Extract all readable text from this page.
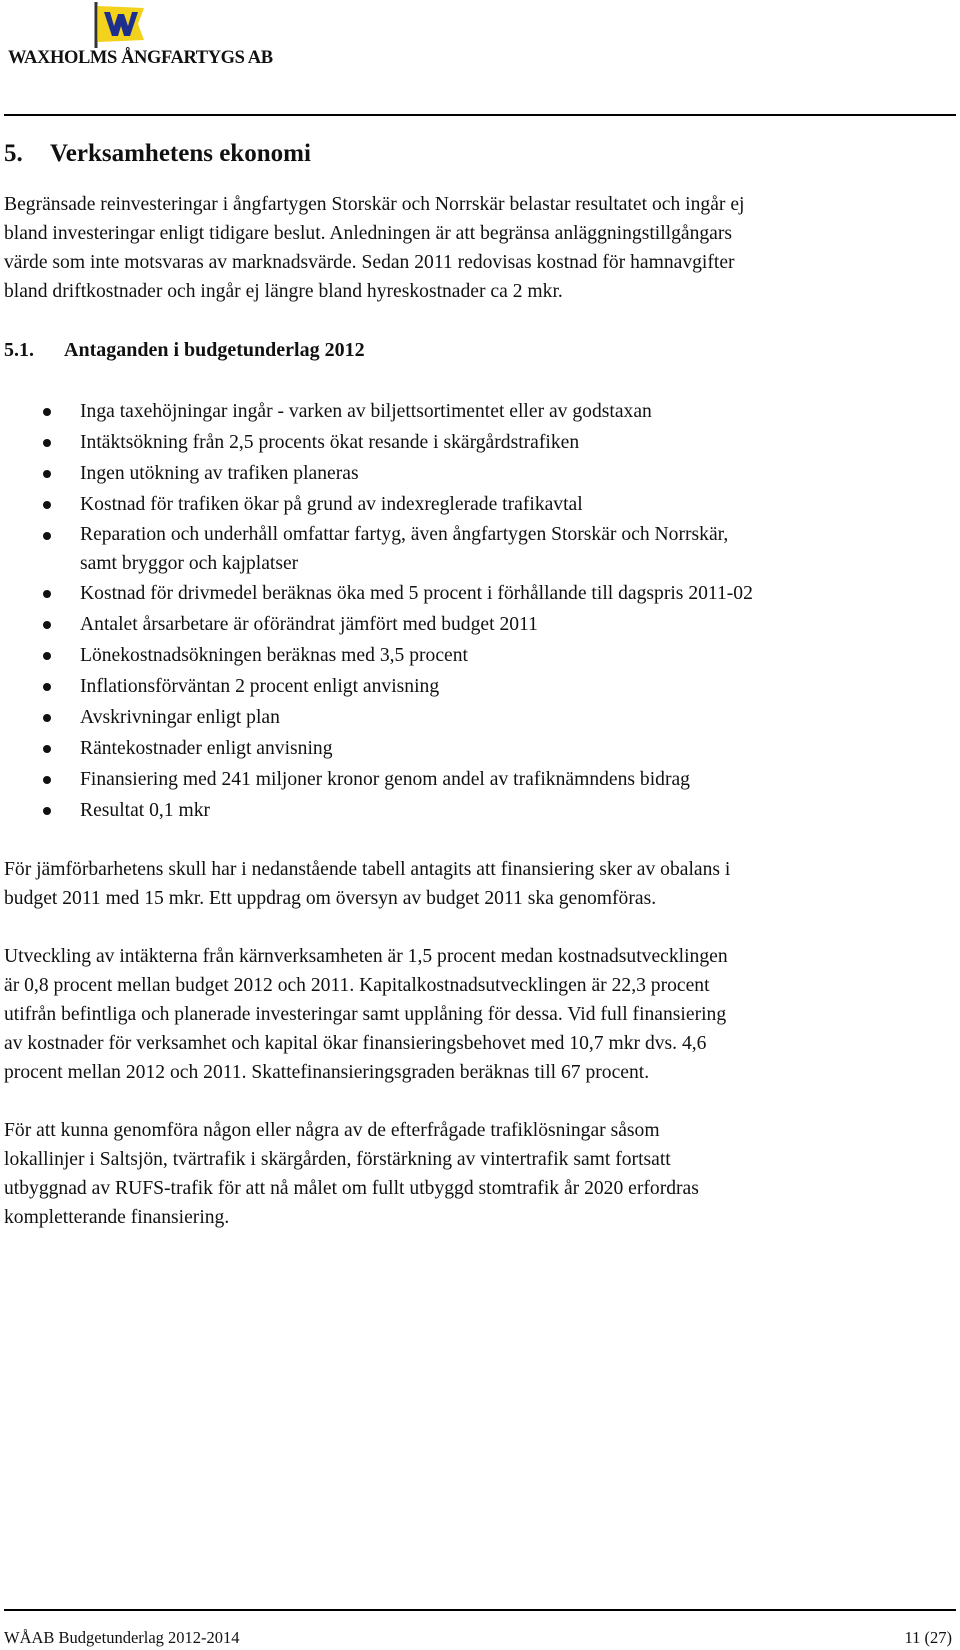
WAXHOLMS ÅNGFARTYGS AB
5. Verksamhetens ekonomi
Begränsade reinvesteringar i ångfartygen Storskär och Norrskär belastar resultatet och ingår ej
bland investeringar enligt tidigare beslut. Anledningen är att begränsa anläggningstillgångars
värde som inte motsvaras av marknadsvärde. Sedan 2011 redovisas kostnad för hamnavgifter
bland driftkostnader och ingår ej längre bland hyreskostnader ca 2 mkr.
5.1. Antaganden i budgetunderlag 2012
Inga taxehöjningar ingår - varken av biljettsortimentet eller av godstaxan
Intäktsökning från 2,5 procents ökat resande i skärgårdstrafiken
Ingen utökning av trafiken planeras
Kostnad för trafiken ökar på grund av indexreglerade trafikavtal
Reparation och underhåll omfattar fartyg, även ångfartygen Storskär och Norrskär,
samt bryggor och kajplatser
Kostnad för drivmedel beräknas öka med 5 procent i förhållande till dagspris 2011-02
Antalet årsarbetare är oförändrat jämfört med budget 2011
Lönekostnadsökningen beräknas med 3,5 procent
Inflationsförväntan 2 procent enligt anvisning
Avskrivningar enligt plan
Räntekostnader enligt anvisning
Finansiering med 241 miljoner kronor genom andel av trafiknämndens bidrag
Resultat 0,1 mkr
För jämförbarhetens skull har i nedanstående tabell antagits att finansiering sker av obalans i
budget 2011 med 15 mkr. Ett uppdrag om översyn av budget 2011 ska genomföras.
Utveckling av intäkterna från kärnverksamheten är 1,5 procent medan kostnadsutvecklingen
är 0,8 procent mellan budget 2012 och 2011. Kapitalkostnadsutvecklingen är 22,3 procent
utifrån befintliga och planerade investeringar samt upplåning för dessa. Vid full finansiering
av kostnader för verksamhet och kapital ökar finansieringsbehovet med 10,7 mkr dvs. 4,6
procent mellan 2012 och 2011. Skattefinansieringsgraden beräknas till 67 procent.
För att kunna genomföra någon eller några av de efterfrågade trafiklösningar såsom
lokallinjer i Saltsjön, tvärtrafik i skärgården, förstärkning av vintertrafik samt fortsatt
utbyggnad av RUFS-trafik för att nå målet om fullt utbyggd stomtrafik år 2020 erfordras
kompletterande finansiering.
WÅAB Budgetunderlag 2012-2014	11 (27)
